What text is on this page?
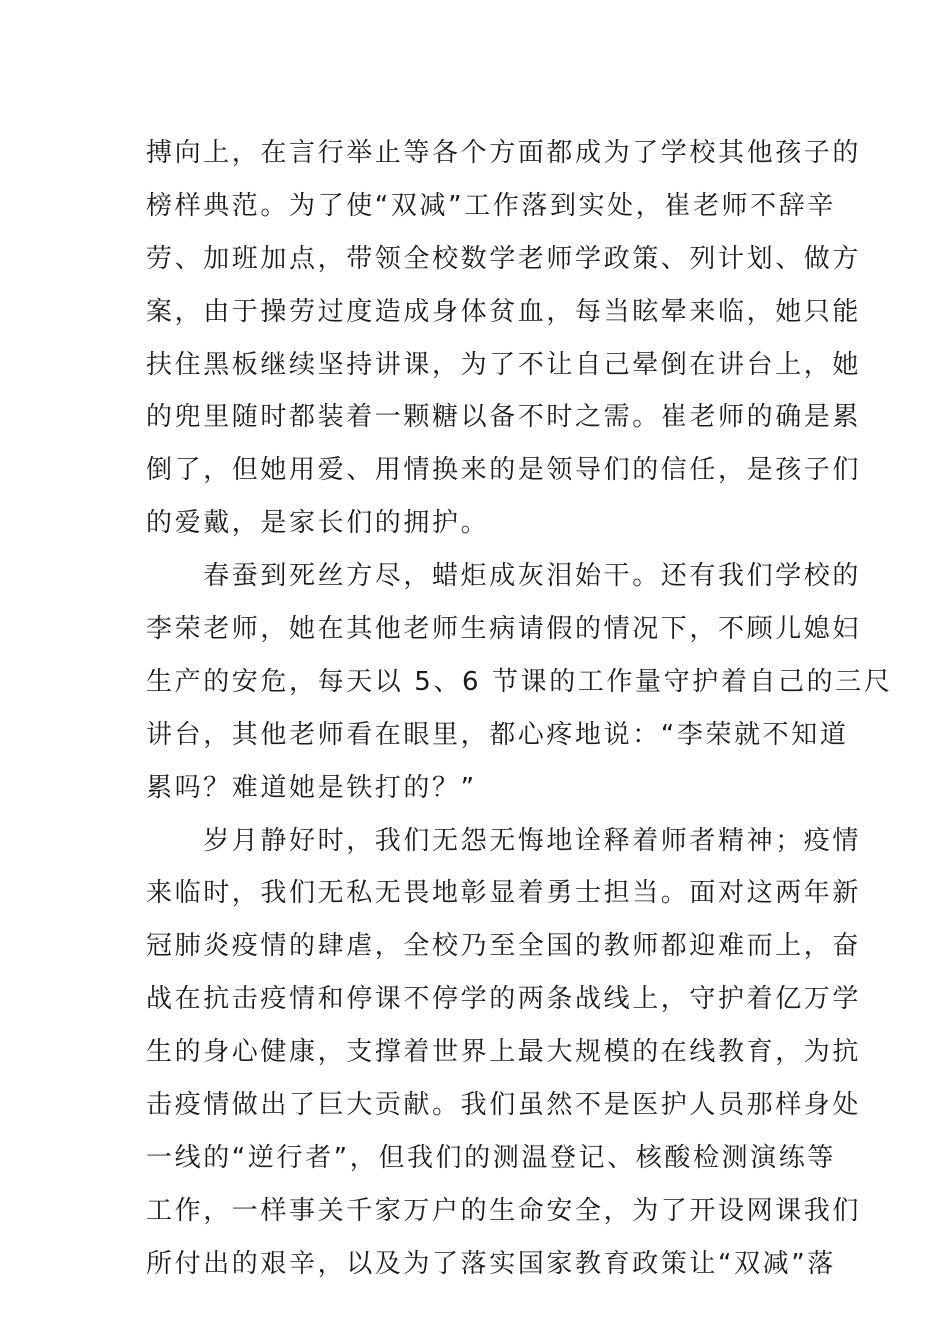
搏向上，在言行举止等各个方面都成为了学校其他孩子的
榜样典范。为了使“双减”工作落到实处，崔老师不辞辛
劳、加班加点，带领全校数学老师学政策、列计划、做方
案，由于操劳过度造成身体贫血，每当眩晕来临，她只能
扶住黑板继续坚持讲课，为了不让自己晕倒在讲台上，她
的兜里随时都装着一颗糖以备不时之需。崔老师的确是累
倒了，但她用爱、用情换来的是领导们的信任，是孩子们
的爱戴，是家长们的拥护。
　　春蚕到死丝方尽，蜡炬成灰泪始干。还有我们学校的
李荣老师，她在其他老师生病请假的情况下，不顾儿媳妇
生产的安危，每天以 5、6 节课的工作量守护着自己的三尺
讲台，其他老师看在眼里，都心疼地说：“李荣就不知道
累吗？难道她是铁打的？”
　　岁月静好时，我们无怨无悔地诠释着师者精神；疫情
来临时，我们无私无畏地彰显着勇士担当。面对这两年新
冠肺炎疫情的肆虐，全校乃至全国的教师都迎难而上，奋
战在抗击疫情和停课不停学的两条战线上，守护着亿万学
生的身心健康，支撑着世界上最大规模的在线教育，为抗
击疫情做出了巨大贡献。我们虽然不是医护人员那样身处
一线的“逆行者”，但我们的测温登记、核酸检测演练等
工作，一样事关千家万户的生命安全，为了开设网课我们
所付出的艰辛，以及为了落实国家教育政策让“双减”落
